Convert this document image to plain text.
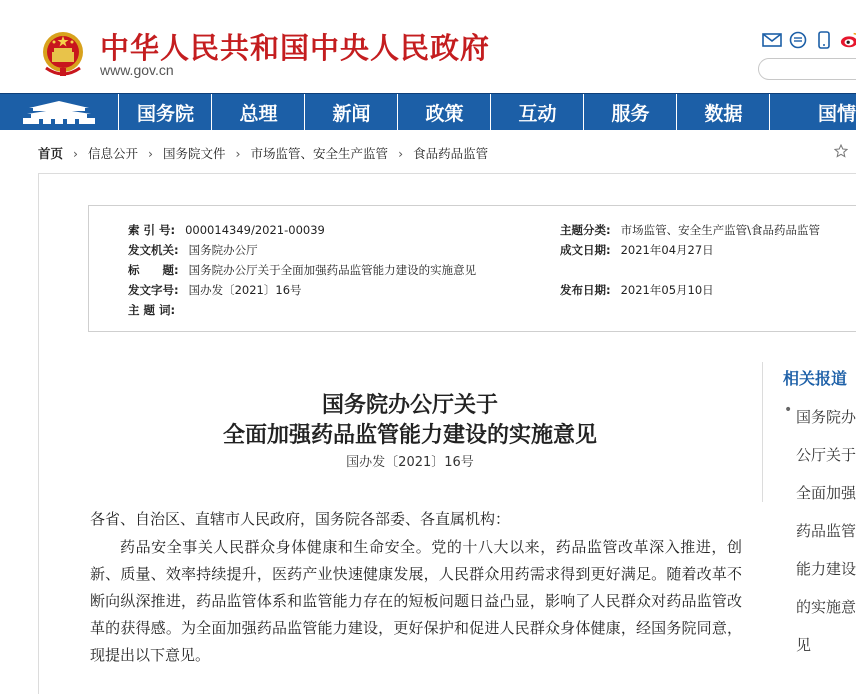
中华人民共和国中央人民政府
www.gov.cn
国务院	总理	新闻	政策	互动	服务	数据	国情
首页 › 信息公开 › 国务院文件 › 市场监管、安全生产监管 › 食品药品监管
索 引 号: 000014349/2021-00039	主题分类: 市场监管、安全生产监管\食品药品监管
发文机关: 国务院办公厅	成文日期: 2021年04月27日
标　　题: 国务院办公厅关于全面加强药品监管能力建设的实施意见
发文字号: 国办发〔2021〕16号	发布日期: 2021年05月10日
主 题 词:
相关报道
• 国务院办公厅关于全面加强药品监管能力建设的实施意见
国务院办公厅关于
全面加强药品监管能力建设的实施意见
国办发〔2021〕16号
各省、自治区、直辖市人民政府，国务院各部委、各直属机构：
药品安全事关人民群众身体健康和生命安全。党的十八大以来，药品监管改革深入推进，创新、质量、效率持续提升，医药产业快速健康发展，人民群众用药需求得到更好满足。随着改革不断向纵深推进，药品监管体系和监管能力存在的短板问题日益凸显，影响了人民群众对药品监管改革的获得感。为全面加强药品监管能力建设，更好保护和促进人民群众身体健康，经国务院同意，现提出以下意见。
